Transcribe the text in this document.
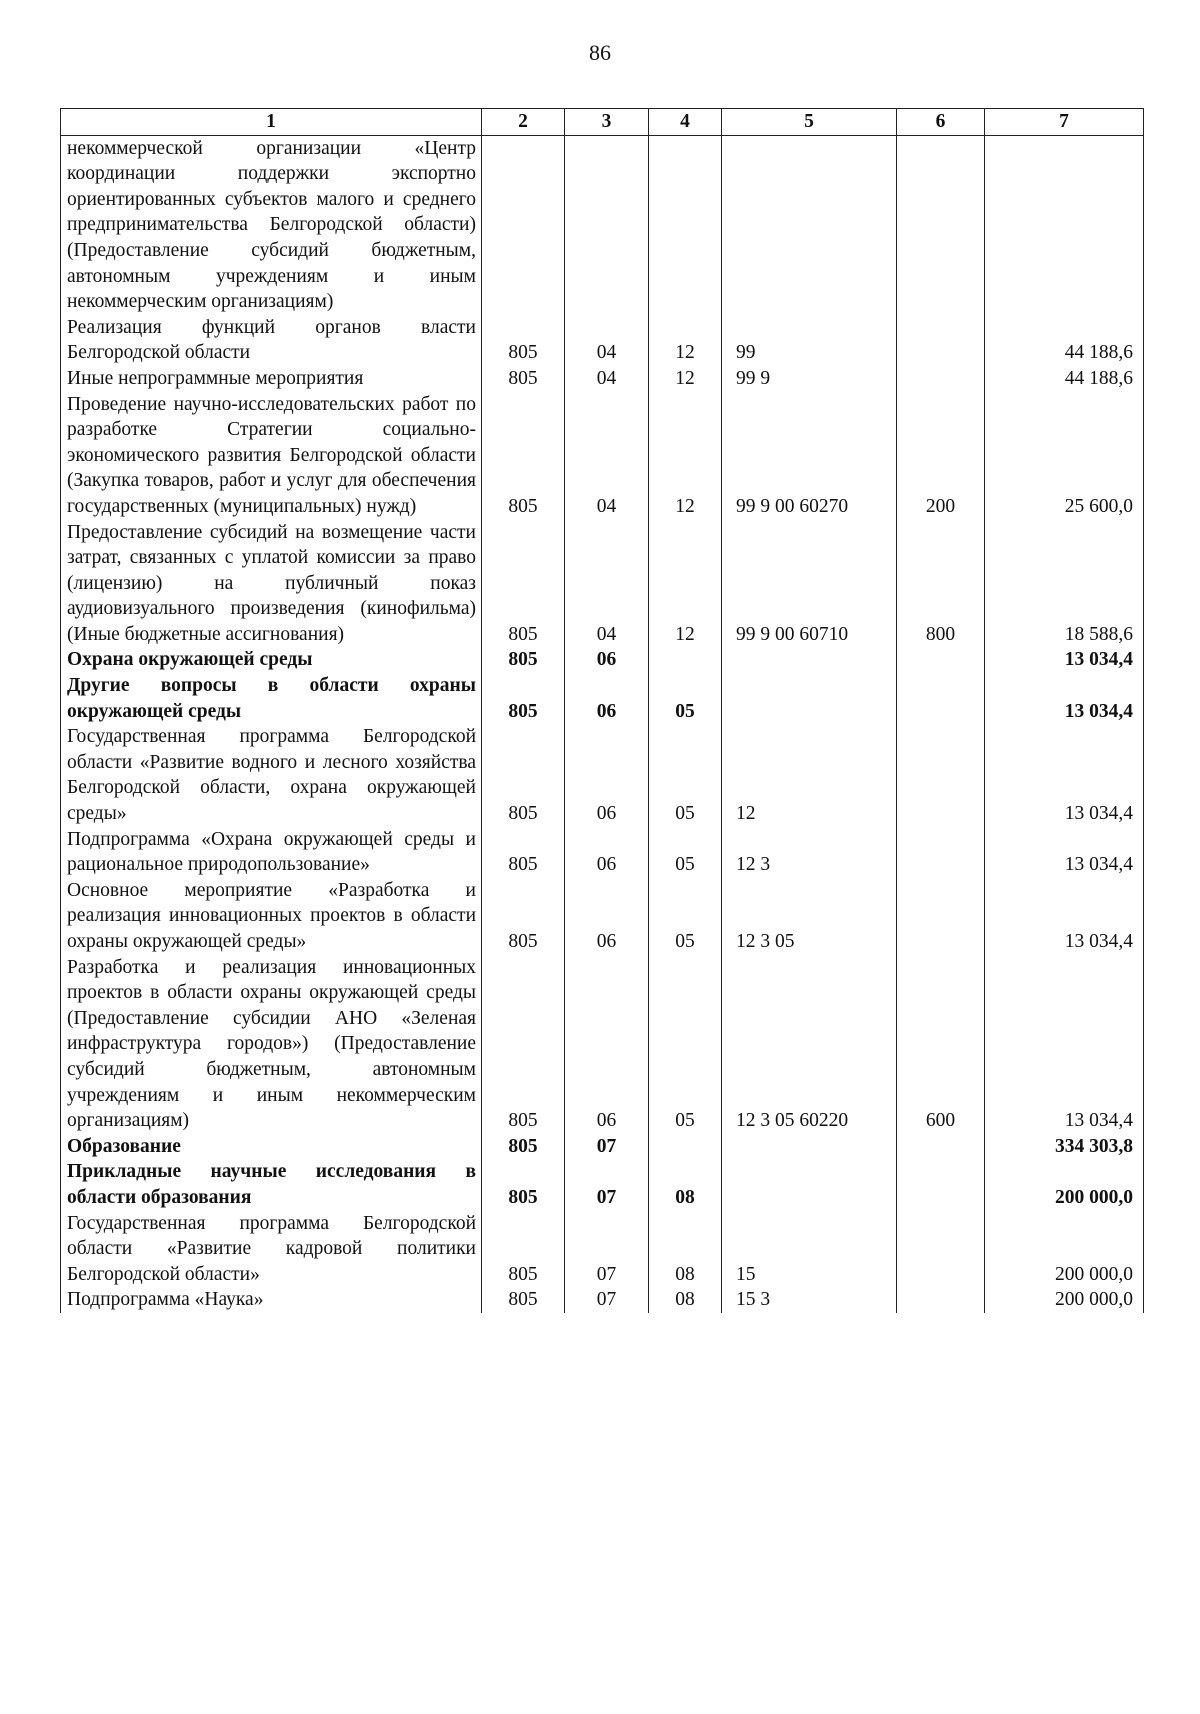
86
1	2	3	4	5	6	7
некоммерческой организации «Центр координации поддержки экспортно ориентированных субъектов малого и среднего предпринимательства Белгородской области) (Предоставление субсидий бюджетным, автономным учреждениям и иным некоммерческим организациям)						
Реализация функций органов власти Белгородской области	805	04	12	99		44 188,6
Иные непрограммные мероприятия	805	04	12	99 9		44 188,6
Проведение научно-исследовательских работ по разработке Стратегии социально-экономического развития Белгородской области (Закупка товаров, работ и услуг для обеспечения государственных (муниципальных) нужд)	805	04	12	99 9 00 60270	200	25 600,0
Предоставление субсидий на возмещение части затрат, связанных с уплатой комиссии за право (лицензию) на публичный показ аудиовизуального произведения (кинофильма) (Иные бюджетные ассигнования)	805	04	12	99 9 00 60710	800	18 588,6
Охрана окружающей среды	805	06				13 034,4
Другие вопросы в области охраны окружающей среды	805	06	05			13 034,4
Государственная программа Белгородской области «Развитие водного и лесного хозяйства Белгородской области, охрана окружающей среды»	805	06	05	12		13 034,4
Подпрограмма «Охрана окружающей среды и рациональное природопользование»	805	06	05	12 3		13 034,4
Основное мероприятие «Разработка и реализация инновационных проектов в области охраны окружающей среды»	805	06	05	12 3 05		13 034,4
Разработка и реализация инновационных проектов в области охраны окружающей среды (Предоставление субсидии АНО «Зеленая инфраструктура городов») (Предоставление субсидий бюджетным, автономным учреждениям и иным некоммерческим организациям)	805	06	05	12 3 05 60220	600	13 034,4
Образование	805	07				334 303,8
Прикладные научные исследования в области образования	805	07	08			200 000,0
Государственная программа Белгородской области «Развитие кадровой политики Белгородской области»	805	07	08	15		200 000,0
Подпрограмма «Наука»	805	07	08	15 3		200 000,0
